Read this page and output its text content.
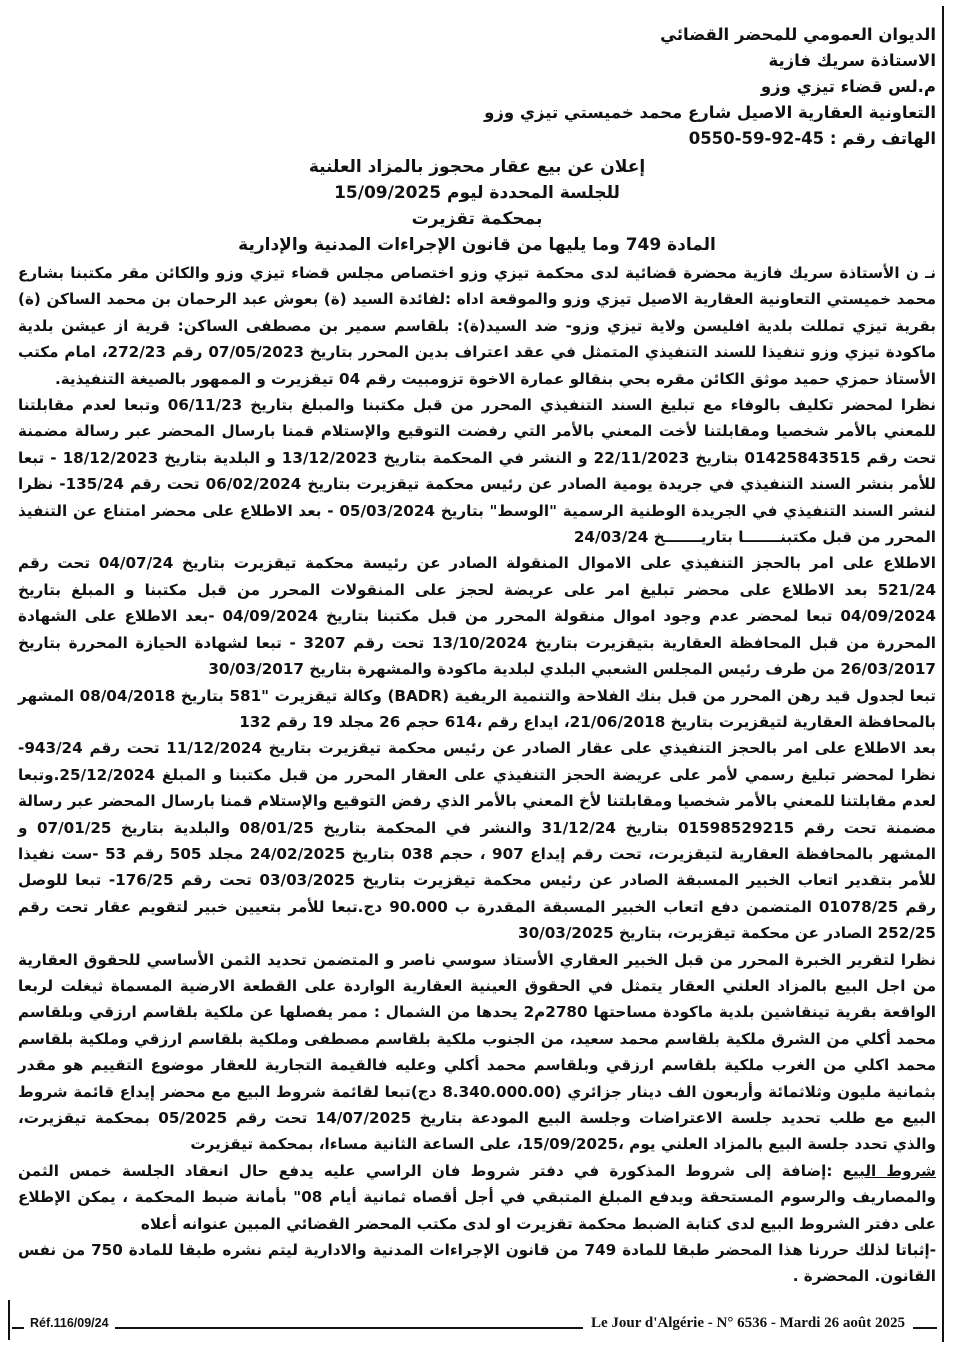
الديوان العمومي للمحضر القضائي
الاستاذة سريك فازية
م.لس قضاء تيزي وزو
التعاونية العقارية الاصيل شارع محمد خميستي تيزي وزو
الهاتف رقم : 45-92-59-0550
إعلان عن بيع عقار محجوز بالمزاد العلنية
للجلسة المحددة ليوم 15/09/2025
بمحكمة تقزيرت
المادة 749 وما يليها من قانون الإجراءات المدنية والإدارية

نـ ن الأستاذة سريك فازية محضرة قضائية لدى محكمة تيزي وزو اختصاص مجلس قضاء تيزي وزو والكائن مقر مكتبنا بشارع محمد خميستي التعاونية العقارية الاصيل تيزي وزو والموقعة اداه :لفائدة السيد (ة) بعوش عبد الرحمان بن محمد الساكن (ة) بقرية تيزي تمللت بلدية افليسن ولاية تيزي وزو- ضد السيد(ة): بلقاسم سمير بن مصطفى الساكن: قرية از عيشن بلدية ماكودة تيزي وزو تنفيذا للسند التنفيذي المتمثل في عقد اعتراف بدين المحرر بتاريخ 07/05/2023 رقم 272/23، امام مكتب الأستاذ حمزي حميد موثق الكائن مقره بحي بنقالو عمارة الاخوة تزومبيت رقم 04 تيقزيرت و الممهور بالصيغة التنفيذية.

نظرا لمحضر تكليف بالوفاء مع تبليغ السند التنفيذي المحرر من قبل مكتبنا والمبلغ بتاريخ 06/11/23 وتبعا لعدم مقابلتنا للمعني بالأمر شخصيا ومقابلتنا لأخت المعني بالأمر التي رفضت التوقيع والإستلام قمنا بارسال المحضر عبر رسالة مضمنة تحت رقم 01425843515 بتاريخ 22/11/2023 و النشر في المحكمة بتاريخ 13/12/2023 و البلدية بتاريخ 18/12/2023 - تبعا للأمر بنشر السند التنفيذي في جريدة يومية الصادر عن رئيس محكمة تيقزيرت بتاريخ 06/02/2024 تحت رقم 135/24- نظرا لنشر السند التنفيذي في الجريدة الوطنية الرسمية "الوسط" بتاريخ 05/03/2024 - بعد الاطلاع على محضر امتناع عن التنفيذ المحرر من قبل مكتبنـــــــا بتاريـــــــخ 24/03/24

الاطلاع على امر بالحجز التنفيذي على الاموال المنقولة الصادر عن رئيسة محكمة تيقزيرت بتاريخ 04/07/24 تحت رقم 521/24 بعد الاطلاع على محضر تبليغ امر على عريضة لحجز على المنقولات المحرر من قبل مكتبنا و المبلغ بتاريخ 04/09/2024 تبعا لمحضر عدم وجود اموال منقولة المحرر من قبل مكتبنا بتاريخ 04/09/2024 -بعد الاطلاع على الشهادة المحررة من قبل المحافظة العقارية بتيقزيرت بتاريخ 13/10/2024 تحت رقم 3207 - تبعا لشهادة الحيازة المحررة بتاريخ 26/03/2017 من طرف رئيس المجلس الشعبي البلدي لبلدية ماكودة والمشهرة بتاريخ 30/03/2017

تبعا لجدول قيد رهن المحرر من قبل بنك الفلاحة والتنمية الريفية (BADR) وكالة تيقزيرت "581 بتاريخ 08/04/2018 المشهر بالمحافظة العقارية لتيقزيرت بتاريخ 21/06/2018، ايداع رقم ،614 حجم 26 مجلد 19 رقم 132

بعد الاطلاع على امر بالحجز التنفيذي على عقار الصادر عن رئيس محكمة تيقزيرت بتاريخ 11/12/2024 تحت رقم 943/24- نظرا لمحضر تبليغ رسمي لأمر على عريضة الحجز التنفيذي على العقار المحرر من قبل مكتبنا و المبلغ 25/12/2024.وتبعا لعدم مقابلتنا للمعني بالأمر شخصيا ومقابلتنا لأخ المعني بالأمر الذي رفض التوقيع والإستلام قمنا بارسال المحضر عبر رسالة مضمنة تحت رقم 01598529215 بتاريخ 31/12/24 والنشر في المحكمة بتاريخ 08/01/25 والبلدية بتاريخ 07/01/25 و المشهر بالمحافظة العقارية لتيقزيرت، تحت رقم إيداع 907 ، حجم 038 بتاريخ 24/02/2025 مجلد 505 رقم 53 -ست نفيذا للأمر بتقدير اتعاب الخبير المسبقة الصادر عن رئيس محكمة تيقزيرت بتاريخ 03/03/2025 تحت رقم 176/25- تبعا للوصل رقم 01078/25 المتضمن دفع اتعاب الخبير المسبقة المقدرة ب 90.000 دج.تبعا للأمر بتعيين خبير لتقويم عقار تحت رقم 252/25 الصادر عن محكمة تيقزيرت، بتاريخ 30/03/2025

نظرا لتقرير الخبرة المحرر من قبل الخبير العقاري الأستاذ سوسي ناصر و المتضمن تحديد الثمن الأساسي للحقوق العقارية من اجل البيع بالمزاد العلني العقار يتمثل في الحقوق العينية العقارية الواردة على القطعة الارضية المسماة ثيغلت لربعا الواقعة بقرية تينقاشين بلدية ماكودة مساحتها 2780م2 يحدها من الشمال : ممر يفصلها عن ملكية بلقاسم ارزقي وبلقاسم محمد أكلي من الشرق ملكية بلقاسم محمد سعيد، من الجنوب ملكية بلقاسم مصطفى وملكية بلقاسم ارزقي وملكية بلقاسم محمد اكلي من الغرب ملكية بلقاسم ارزقي وبلقاسم محمد أكلي وعليه فالقيمة التجارية للعقار موضوع التقييم هو مقدر بثمانية مليون وثلاثمائة وأربعون الف دينار جزائري (8.340.000.00 دج)تبعا لقائمة شروط البيع مع محضر إيداع قائمة شروط البيع مع طلب تحديد جلسة الاعتراضات وجلسة البيع المودعة بتاريخ 14/07/2025 تحت رقم 05/2025 بمحكمة تيقزيرت، والذي تحدد جلسة البيع بالمزاد العلني يوم ،15/09/2025، على الساعة الثانية مساءا، بمحكمة تيقزيرت

شروط البيع :إضافة إلى شروط المذكورة في دفتر شروط فان الراسي عليه يدفع حال انعقاد الجلسة خمس الثمن والمصاريف والرسوم المستحقة ويدفع المبلغ المتبقي في أجل أقصاه ثمانية أيام 08" بأمانة ضبط المحكمة ، يمكن الإطلاع على دفتر الشروط البيع لدى كتابة الضبط محكمة تقزيرت او لدى مكتب المحضر القضائي المبين عنوانه أعلاه

-إثباتا لذلك حررنا هذا المحضر طبقا للمادة 749 من قانون الإجراءات المدنية والادارية ليتم نشره طبقا للمادة 750 من نفس القانون. المحضرة .

Réf.116/09/24	Le Jour d'Algérie - N° 6536 - Mardi 26 août 2025
